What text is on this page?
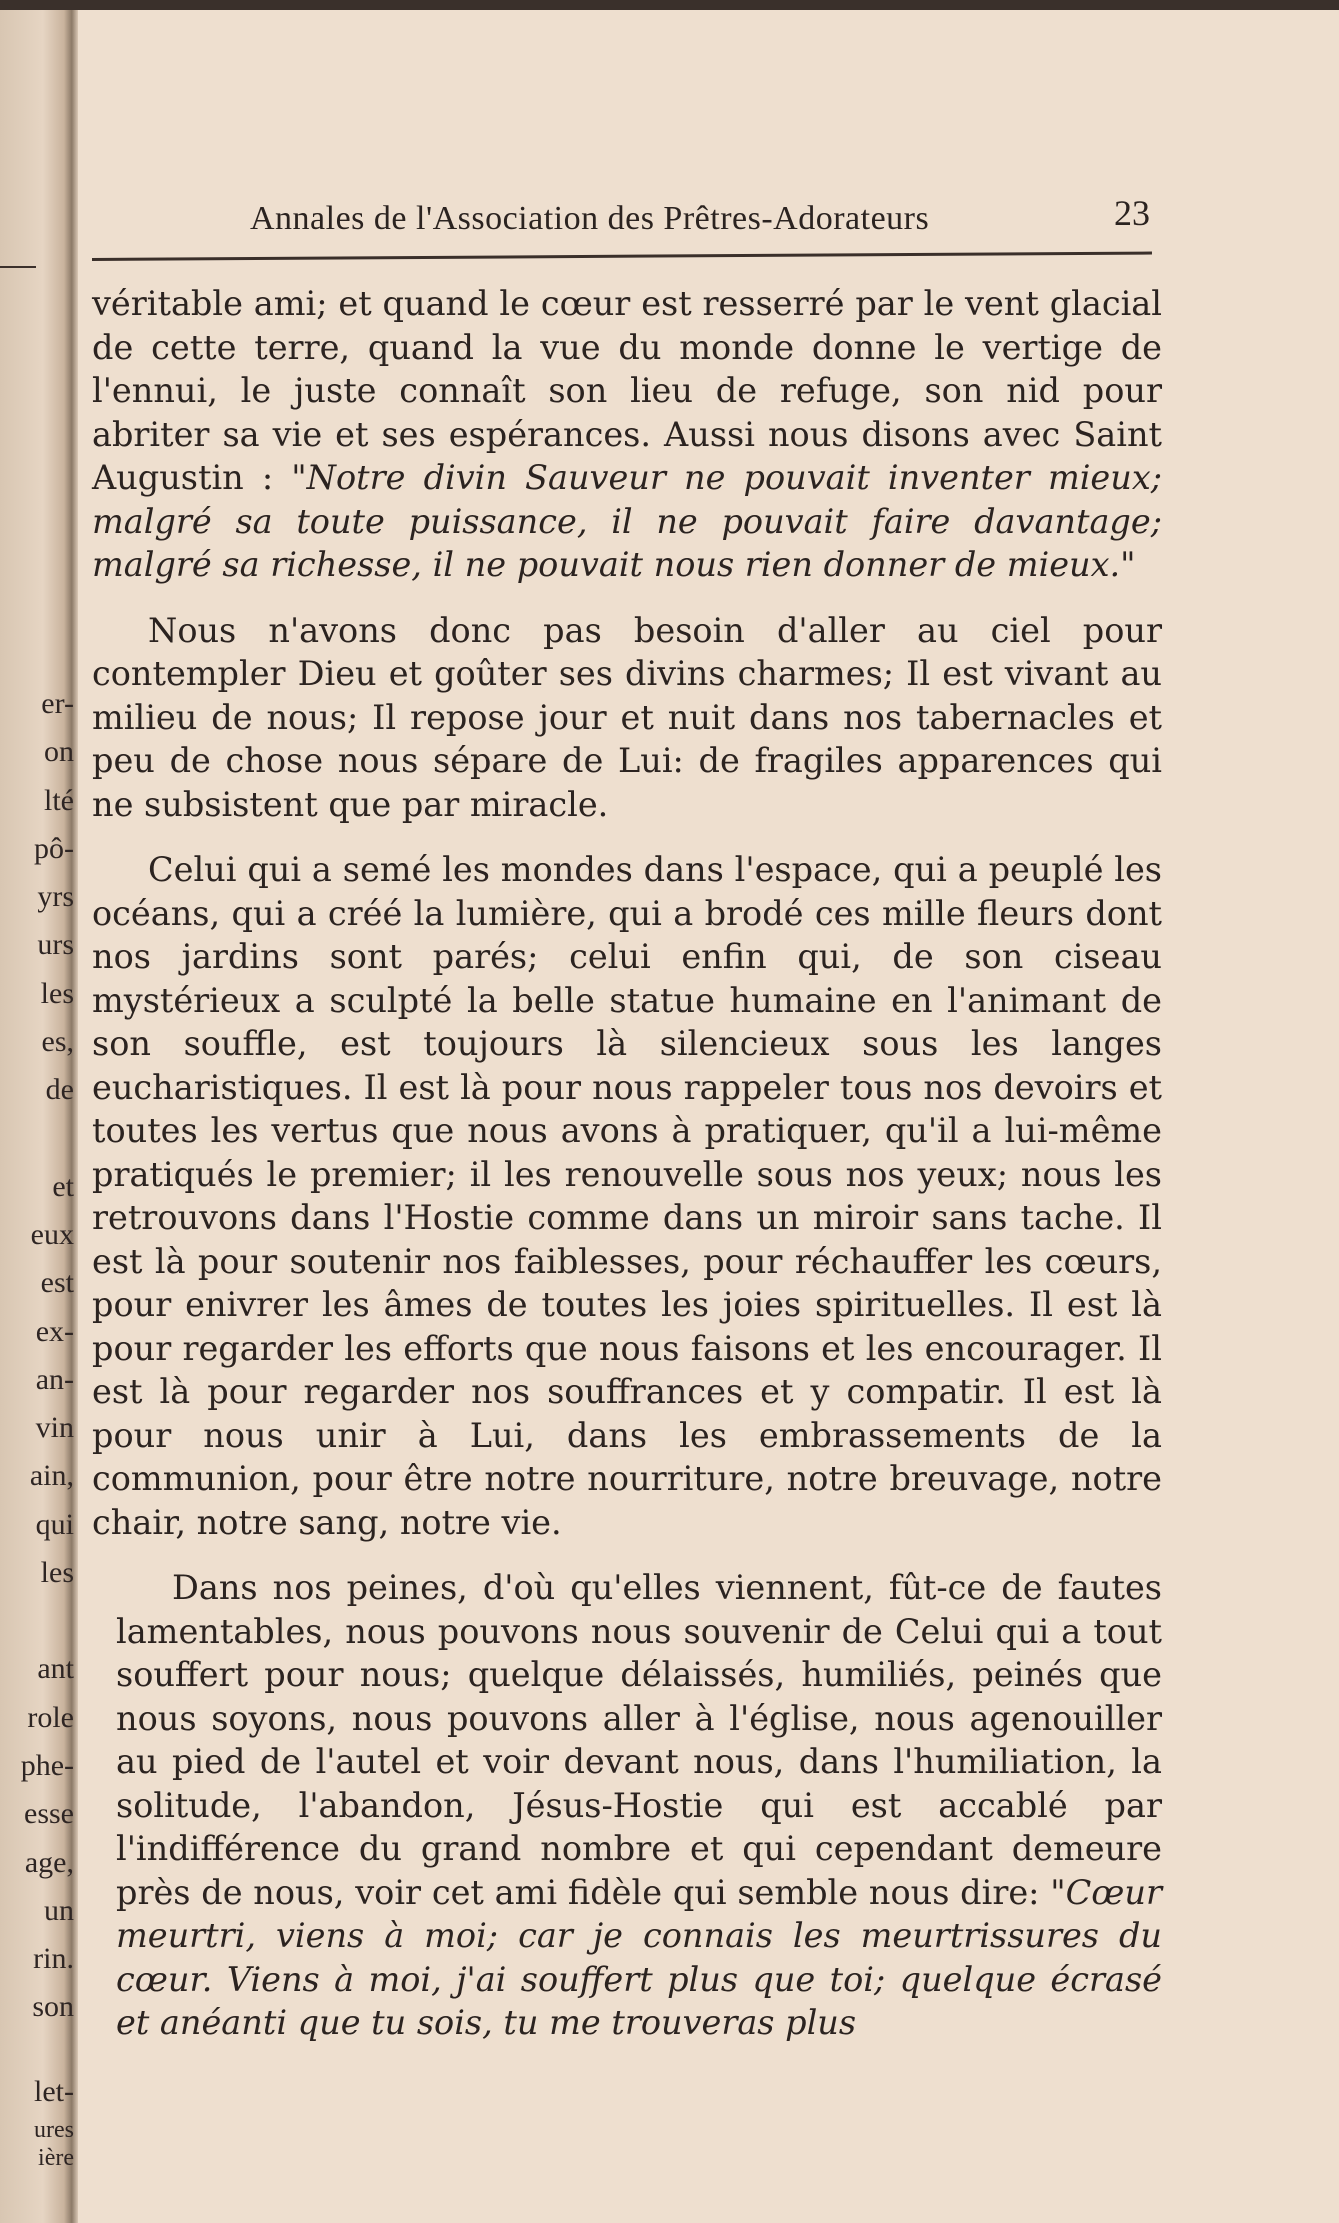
er-
on
lté
pô-
yrs
urs
les
es,
de
et
eux
est
ex-
an-
vin
ain,
qui
les
ant
role
phe-
esse
age,
un
rin.
son
let-
ures
ière
Annales de l'Association des Prêtres-Adorateurs	23

véritable ami; et quand le cœur est resserré par le vent glacial de cette terre, quand la vue du monde donne le vertige de l'ennui, le juste connaît son lieu de refuge, son nid pour abriter sa vie et ses espérances. Aussi nous disons avec Saint Augustin : "Notre divin Sauveur ne pouvait inventer mieux; malgré sa toute puissance, il ne pouvait faire davantage; malgré sa richesse, il ne pouvait nous rien donner de mieux."

Nous n'avons donc pas besoin d'aller au ciel pour contempler Dieu et goûter ses divins charmes; Il est vivant au milieu de nous; Il repose jour et nuit dans nos tabernacles et peu de chose nous sépare de Lui: de fragiles apparences qui ne subsistent que par miracle.

Celui qui a semé les mondes dans l'espace, qui a peuplé les océans, qui a créé la lumière, qui a brodé ces mille fleurs dont nos jardins sont parés; celui enfin qui, de son ciseau mystérieux a sculpté la belle statue humaine en l'animant de son souffle, est toujours là silencieux sous les langes eucharistiques. Il est là pour nous rappeler tous nos devoirs et toutes les vertus que nous avons à pratiquer, qu'il a lui-même pratiqués le premier; il les renouvelle sous nos yeux; nous les retrouvons dans l'Hostie comme dans un miroir sans tache. Il est là pour soutenir nos faiblesses, pour réchauffer les cœurs, pour enivrer les âmes de toutes les joies spirituelles. Il est là pour regarder les efforts que nous faisons et les encourager. Il est là pour regarder nos souffrances et y compatir. Il est là pour nous unir à Lui, dans les embrassements de la communion, pour être notre nourriture, notre breuvage, notre chair, notre sang, notre vie.

Dans nos peines, d'où qu'elles viennent, fût-ce de fautes lamentables, nous pouvons nous souvenir de Celui qui a tout souffert pour nous; quelque délaissés, humiliés, peinés que nous soyons, nous pouvons aller à l'église, nous agenouiller au pied de l'autel et voir devant nous, dans l'humiliation, la solitude, l'abandon, Jésus-Hostie qui est accablé par l'indifférence du grand nombre et qui cependant demeure près de nous, voir cet ami fidèle qui semble nous dire: "Cœur meurtri, viens à moi; car je connais les meurtrissures du cœur. Viens à moi, j'ai souffert plus que toi; quelque écrasé et anéanti que tu sois, tu me trouveras plus
